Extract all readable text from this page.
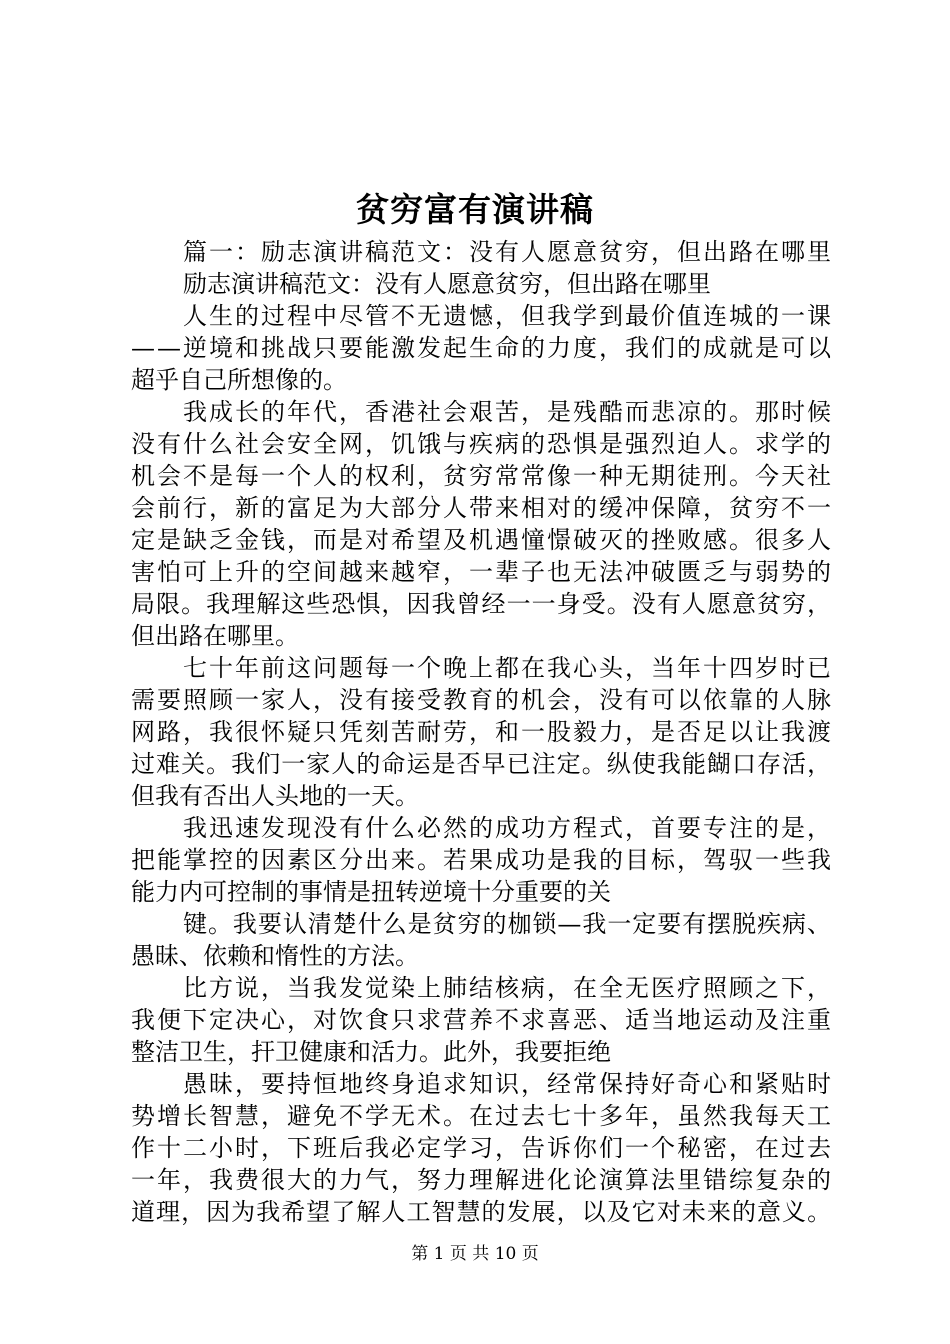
贫穷富有演讲稿
篇一：励志演讲稿范文：没有人愿意贫穷，但出路在哪里
励志演讲稿范文：没有人愿意贫穷，但出路在哪里
人生的过程中尽管不无遗憾，但我学到最价值连城的一课
——逆境和挑战只要能激发起生命的力度，我们的成就是可以
超乎自己所想像的。
我成长的年代，香港社会艰苦，是残酷而悲凉的。那时候
没有什么社会安全网，饥饿与疾病的恐惧是强烈迫人。求学的
机会不是每一个人的权利，贫穷常常像一种无期徒刑。今天社
会前行，新的富足为大部分人带来相对的缓冲保障，贫穷不一
定是缺乏金钱，而是对希望及机遇憧憬破灭的挫败感。很多人
害怕可上升的空间越来越窄，一辈子也无法冲破匮乏与弱势的
局限。我理解这些恐惧，因我曾经一一身受。没有人愿意贫穷，
但出路在哪里。
七十年前这问题每一个晚上都在我心头，当年十四岁时已
需要照顾一家人，没有接受教育的机会，没有可以依靠的人脉
网路，我很怀疑只凭刻苦耐劳，和一股毅力，是否足以让我渡
过难关。我们一家人的命运是否早已注定。纵使我能餬口存活，
但我有否出人头地的一天。
我迅速发现没有什么必然的成功方程式，首要专注的是，
把能掌控的因素区分出来。若果成功是我的目标，驾驭一些我
能力内可控制的事情是扭转逆境十分重要的关
键。我要认清楚什么是贫穷的枷锁—我一定要有摆脱疾病、
愚昧、依赖和惰性的方法。
比方说，当我发觉染上肺结核病，在全无医疗照顾之下，
我便下定决心，对饮食只求营养不求喜恶、适当地运动及注重
整洁卫生，扞卫健康和活力。此外，我要拒绝
愚昧，要持恒地终身追求知识，经常保持好奇心和紧贴时
势增长智慧，避免不学无术。在过去七十多年，虽然我每天工
作十二小时，下班后我必定学习，告诉你们一个秘密，在过去
一年，我费很大的力气，努力理解进化论演算法里错综复杂的
道理，因为我希望了解人工智慧的发展，以及它对未来的意义。
第 1 页 共 10 页
